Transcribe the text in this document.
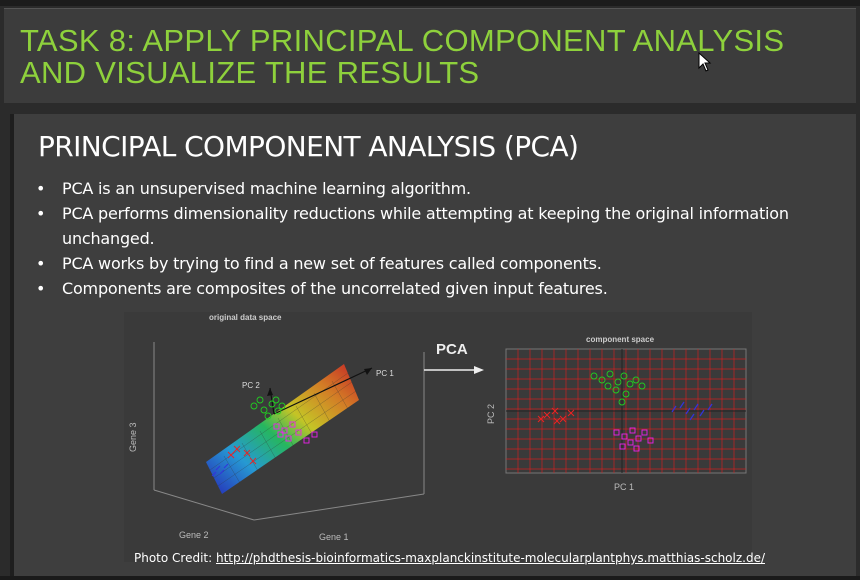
TASK 8: APPLY PRINCIPAL COMPONENT ANALYSIS AND VISUALIZE THE RESULTS
PRINCIPAL COMPONENT ANALYSIS (PCA)
• PCA is an unsupervised machine learning algorithm.
• PCA performs dimensionality reductions while attempting at keeping the original information unchanged.
• PCA works by trying to find a new set of features called components.
• Components are composites of the uncorrelated given input features.
original data space
Gene 3
Gene 2	Gene 1
PC 1
PC 2
PCA
component space
PC 1
PC 2
Photo Credit: http://phdthesis-bioinformatics-maxplanckinstitute-molecularplantphys.matthias-scholz.de/
